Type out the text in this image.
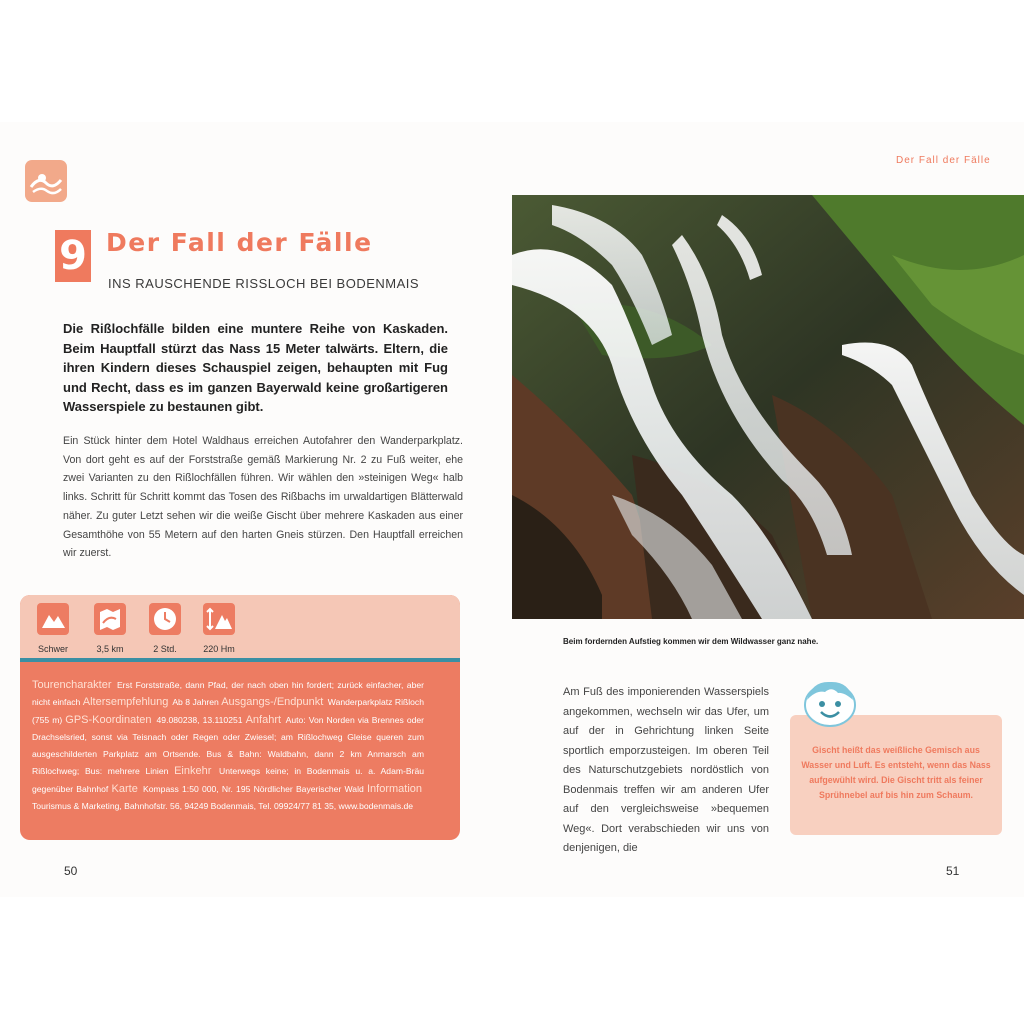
9 Der Fall der Fälle
INS RAUSCHENDE RISSLOCH BEI BODENMAIS

Die Rißlochfälle bilden eine muntere Reihe von Kaskaden. Beim Hauptfall stürzt das Nass 15 Meter talwärts. Eltern, die ihren Kindern dieses Schauspiel zeigen, behaupten mit Fug und Recht, dass es im ganzen Bayerwald keine großartigeren Wasserspiele zu bestaunen gibt.

Ein Stück hinter dem Hotel Waldhaus erreichen Autofahrer den Wanderparkplatz. Von dort geht es auf der Forststraße gemäß Markierung Nr. 2 zu Fuß weiter, ehe zwei Varianten zu den Rißlochfällen führen. Wir wählen den »steinigen Weg« halb links. Schritt für Schritt kommt das Tosen des Rißbachs im urwaldartigen Blätterwald näher. Zu guter Letzt sehen wir die weiße Gischt über mehrere Kaskaden aus einer Gesamthöhe von 55 Metern auf den harten Gneis stürzen. Den Hauptfall erreichen wir zuerst.

Schwer	3,5 km	2 Std.	220 Hm

Tourencharakter Erst Forststraße, dann Pfad, der nach oben hin fordert; zurück einfacher, aber nicht einfach Altersempfehlung Ab 8 Jahren Ausgangs-/Endpunkt Wanderparkplatz Rißloch (755 m) GPS-Koordinaten 49.080238, 13.110251 Anfahrt Auto: Von Norden via Brennes oder Drachselsried, sonst via Teisnach oder Regen oder Zwiesel; am Rißlochweg Gleise queren zum ausgeschilderten Parkplatz am Ortsende. Bus & Bahn: Waldbahn, dann 2 km Anmarsch am Rißlochweg; Bus: mehrere Linien Einkehr Unterwegs keine; in Bodenmais u. a. Adam-Bräu gegenüber Bahnhof Karte Kompass 1:50 000, Nr. 195 Nördlicher Bayerischer Wald Information Tourismus & Marketing, Bahnhofstr. 56, 94249 Bodenmais, Tel. 09924/77 81 35, www.bodenmais.de

50
Der Fall der Fälle
Beim fordernden Aufstieg kommen wir dem Wildwasser ganz nahe.

Am Fuß des imponierenden Wasserspiels angekommen, wechseln wir das Ufer, um auf der in Gehrichtung linken Seite sportlich emporzusteigen. Im oberen Teil des Naturschutzgebiets nordöstlich von Bodenmais treffen wir am anderen Ufer auf den vergleichsweise »bequemen Weg«. Dort verabschieden wir uns von denjenigen, die

Gischt heißt das weißliche Gemisch aus Wasser und Luft. Es entsteht, wenn das Nass aufgewühlt wird. Die Gischt tritt als feiner Sprühnebel auf bis hin zum Schaum.

51
